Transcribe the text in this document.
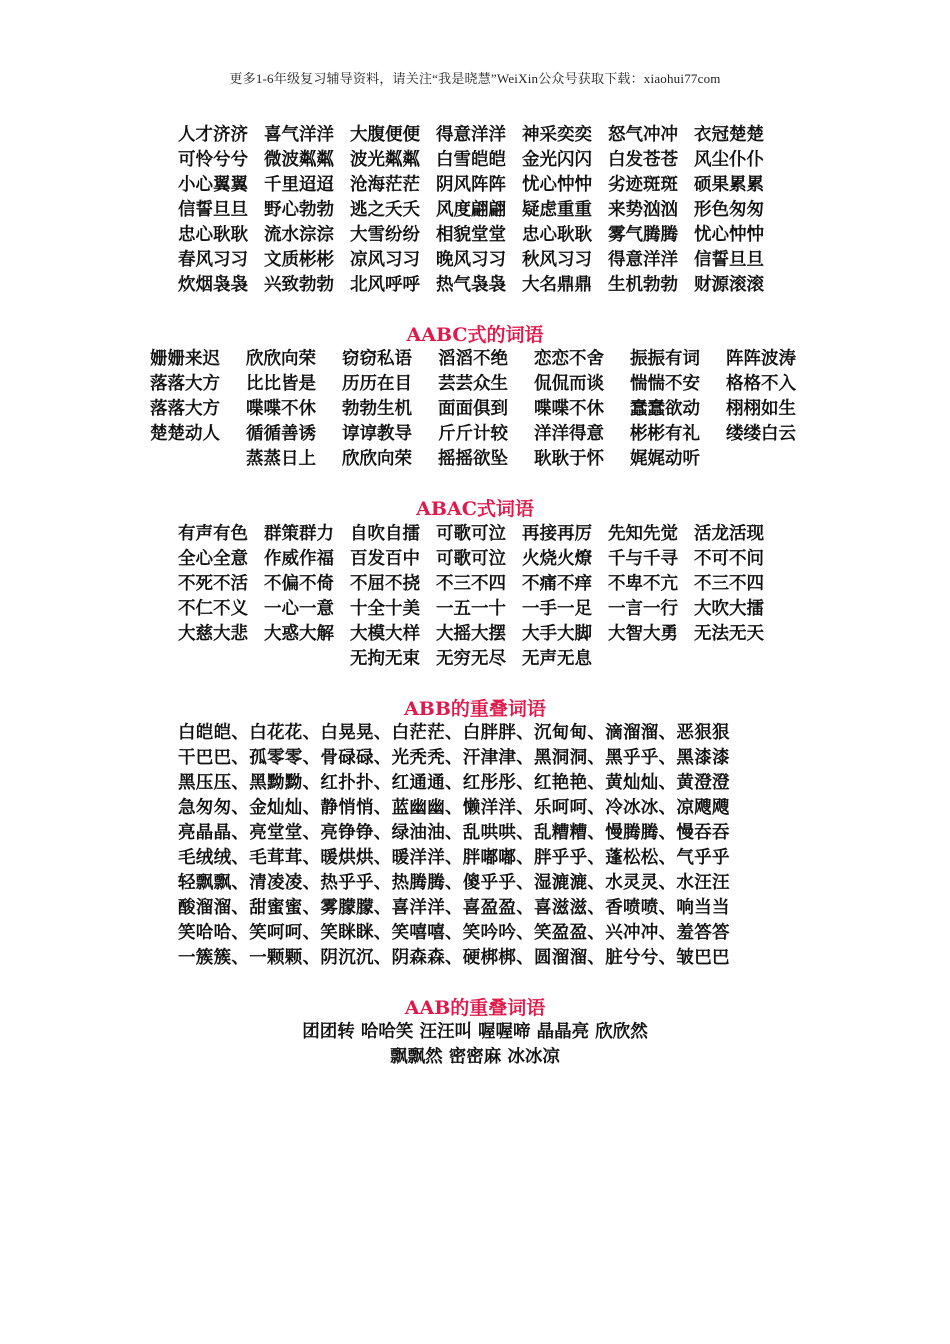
更多1-6年级复习辅导资料，请关注“我是晓慧”WeiXin公众号获取下载：xiaohui77com
人才济济 喜气洋洋 大腹便便 得意洋洋 神采奕奕 怒气冲冲 衣冠楚楚
可怜兮兮 微波粼粼 波光粼粼 白雪皑皑 金光闪闪 白发苍苍 风尘仆仆
小心翼翼 千里迢迢 沧海茫茫 阴风阵阵 忧心忡忡 劣迹斑斑 硕果累累
信誓旦旦 野心勃勃 逃之夭夭 风度翩翩 疑虑重重 来势汹汹 形色匆匆
忠心耿耿 流水淙淙 大雪纷纷 相貌堂堂 忠心耿耿 雾气腾腾 忧心忡忡
春风习习 文质彬彬 凉风习习 晚风习习 秋风习习 得意洋洋 信誓旦旦
炊烟袅袅 兴致勃勃 北风呼呼 热气袅袅 大名鼎鼎 生机勃勃 财源滚滚
AABC式的词语
姗姗来迟 欣欣向荣 窃窃私语 滔滔不绝 恋恋不舍 振振有词 阵阵波涛
落落大方 比比皆是 历历在目 芸芸众生 侃侃而谈 惴惴不安 格格不入
落落大方 喋喋不休 勃勃生机 面面俱到 喋喋不休 蠢蠢欲动 栩栩如生
楚楚动人 循循善诱 谆谆教导 斤斤计较 洋洋得意 彬彬有礼 缕缕白云
蒸蒸日上 欣欣向荣 摇摇欲坠 耿耿于怀 娓娓动听
ABAC式词语
有声有色 群策群力 自吹自擂 可歌可泣 再接再厉 先知先觉 活龙活现
全心全意 作威作福 百发百中 可歌可泣 火烧火燎 千与千寻 不可不问
不死不活 不偏不倚 不屈不挠 不三不四 不痛不痒 不卑不亢 不三不四
不仁不义 一心一意 十全十美 一五一十 一手一足 一言一行 大吹大擂
大慈大悲 大惑大解 大模大样 大摇大摆 大手大脚 大智大勇 无法无天
无拘无束 无穷无尽 无声无息
ABB的重叠词语
白皑皑、白花花、白晃晃、白茫茫、白胖胖、沉甸甸、滴溜溜、恶狠狠
干巴巴、孤零零、骨碌碌、光秃秃、汗津津、黑洞洞、黑乎乎、黑漆漆
黑压压、黑黝黝、红扑扑、红通通、红彤彤、红艳艳、黄灿灿、黄澄澄
急匆匆、金灿灿、静悄悄、蓝幽幽、懒洋洋、乐呵呵、冷冰冰、凉飕飕
亮晶晶、亮堂堂、亮铮铮、绿油油、乱哄哄、乱糟糟、慢腾腾、慢吞吞
毛绒绒、毛茸茸、暖烘烘、暖洋洋、胖嘟嘟、胖乎乎、蓬松松、气乎乎
轻飘飘、清凌凌、热乎乎、热腾腾、傻乎乎、湿漉漉、水灵灵、水汪汪
酸溜溜、甜蜜蜜、雾朦朦、喜洋洋、喜盈盈、喜滋滋、香喷喷、响当当
笑哈哈、笑呵呵、笑眯眯、笑嘻嘻、笑吟吟、笑盈盈、兴冲冲、羞答答
一簇簇、一颗颗、阴沉沉、阴森森、硬梆梆、圆溜溜、脏兮兮、皱巴巴
AAB的重叠词语
团团转 哈哈笑 汪汪叫 喔喔啼 晶晶亮 欣欣然
飘飘然 密密麻 冰冰凉
